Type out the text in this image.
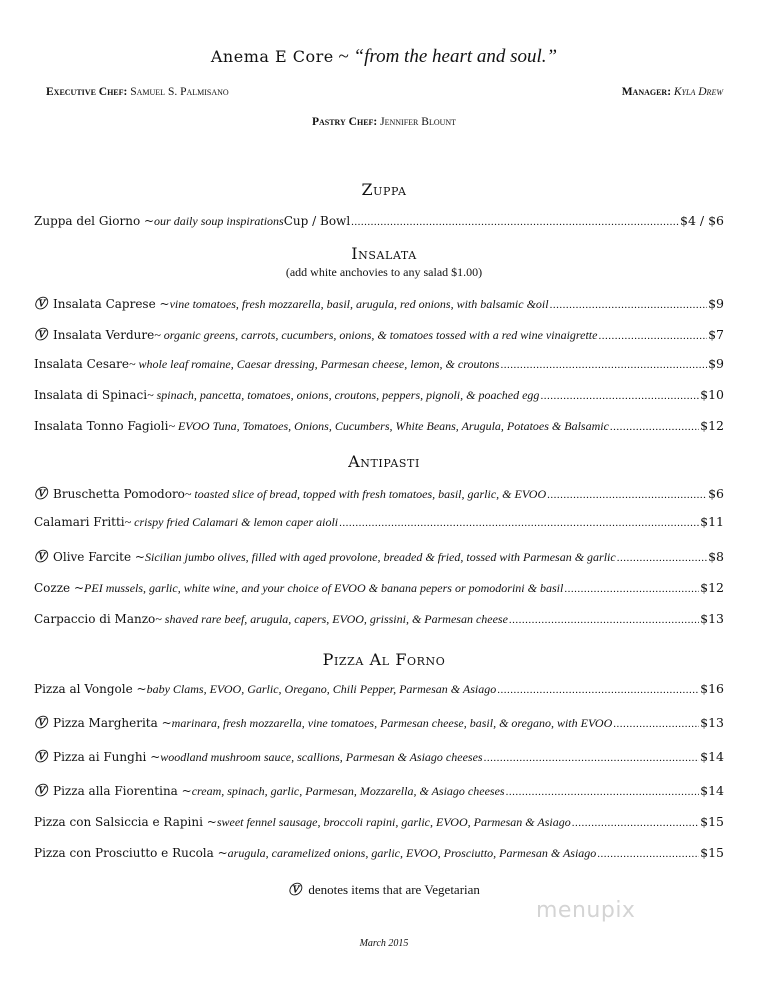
Anema E Core ~ “from the heart and soul.”
Executive Chef: Samuel S. Palmisano	Manager: Kyla Drew
Pastry Chef: Jennifer Blount
Zuppa
Zuppa del Giorno ~ our daily soup inspirations Cup / Bowl .....	$4 / $6
Insalata
(add white anchovies to any salad $1.00)
Ⓥ Insalata Caprese ~ vine tomatoes, fresh mozzarella, basil, arugula, red onions, with balsamic &oil .....	$9
Ⓥ Insalata Verdure ~ organic greens, carrots, cucumbers, onions, & tomatoes tossed with a red wine vinaigrette .....	$7
Insalata Cesare ~ whole leaf romaine, Caesar dressing, Parmesan cheese, lemon, & croutons .....	$9
Insalata di Spinaci ~ spinach, pancetta, tomatoes, onions, croutons, peppers, pignoli, & poached egg .....	$10
Insalata Tonno Fagioli ~ EVOO Tuna, Tomatoes, Onions, Cucumbers, White Beans, Arugula, Potatoes & Balsamic .....	$12
Antipasti
Ⓥ Bruschetta Pomodoro ~ toasted slice of bread, topped with fresh tomatoes, basil, garlic, & EVOO .....	$6
Calamari Fritti ~ crispy fried Calamari & lemon caper aioli .....	$11
Ⓥ Olive Farcite ~ Sicilian jumbo olives, filled with aged provolone, breaded & fried, tossed with Parmesan & garlic .....	$8
Cozze ~ PEI mussels, garlic, white wine, and your choice of EVOO & banana pepers or pomodorini & basil .....	$12
Carpaccio di Manzo ~ shaved rare beef, arugula, capers, EVOO, grissini, & Parmesan cheese .....	$13
Pizza Al Forno
Pizza al Vongole ~ baby Clams, EVOO, Garlic, Oregano, Chili Pepper, Parmesan & Asiago .....	$16
Ⓥ Pizza Margherita ~ marinara, fresh mozzarella, vine tomatoes, Parmesan cheese, basil, & oregano, with EVOO .....	$13
Ⓥ Pizza ai Funghi ~ woodland mushroom sauce, scallions, Parmesan & Asiago cheeses .....	$14
Ⓥ Pizza alla Fiorentina ~ cream, spinach, garlic, Parmesan, Mozzarella, & Asiago cheeses .....	$14
Pizza con Salsiccia e Rapini ~ sweet fennel sausage, broccoli rapini, garlic, EVOO, Parmesan & Asiago .....	$15
Pizza con Prosciutto e Rucola ~ arugula, caramelized onions, garlic, EVOO, Prosciutto, Parmesan & Asiago .....	$15
Ⓥ denotes items that are Vegetarian
menupix
March 2015
